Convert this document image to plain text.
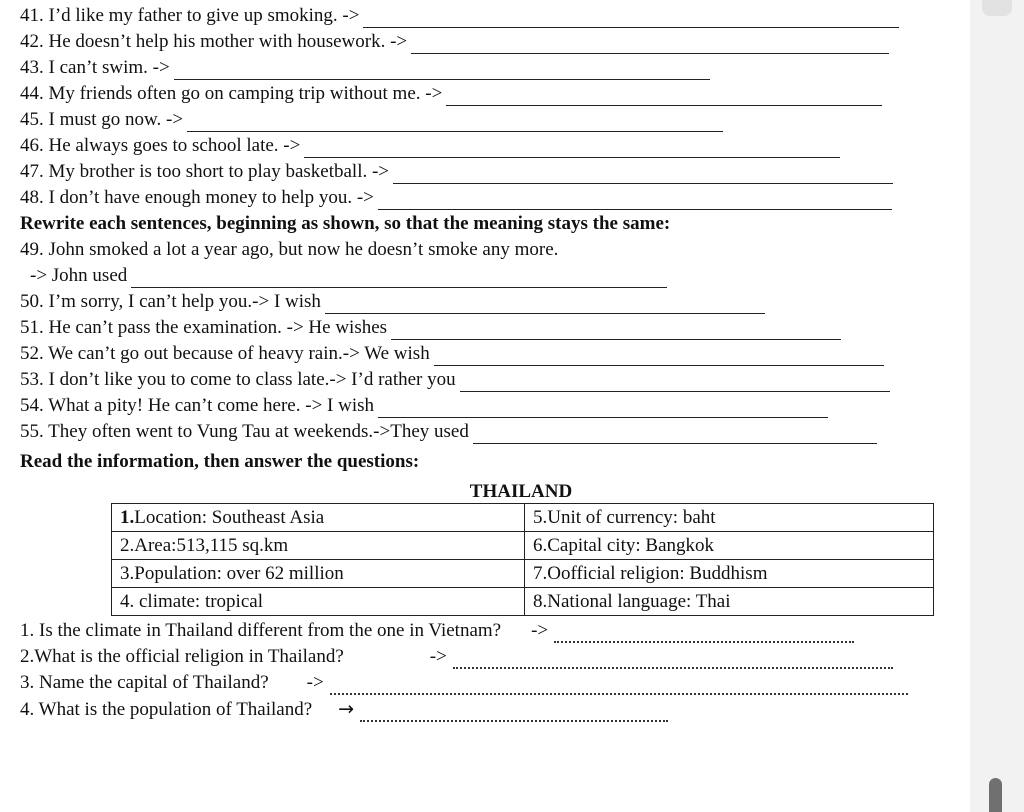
41. I’d like my father to give up smoking. ->
42. He doesn’t help his mother with housework. ->
43. I can’t swim. ->
44. My friends often go on camping trip without me. ->
45. I must go now. ->
46. He always goes to school late. ->
47. My brother is too short to play basketball. ->
48. I don’t have enough money to help you. ->
Rewrite each sentences, beginning as shown, so that the meaning stays the same:
49. John smoked a lot a year ago, but now he doesn’t smoke any more.
-> John used
50. I’m sorry, I can’t help you.-> I wish
51. He can’t pass the examination. -> He wishes
52. We can’t go out because of heavy rain.-> We wish
53. I don’t like you to come to class late.-> I’d rather you
54. What a pity! He can’t come here. -> I wish
55. They often went to Vung Tau at weekends.->They used
Read the information, then answer the questions:
THAILAND
1.Location: Southeast Asia	5.Unit of currency: baht
2.Area:513,115 sq.km	6.Capital city: Bangkok
3.Population: over 62 million	7.Oofficial religion: Buddhism
4. climate: tropical	8.National language: Thai
1. Is the climate in Thailand different from the one in Vietnam? ->
2.What is the official religion in Thailand?	->
3. Name the capital of Thailand? ->
4. What is the population of Thailand? →
